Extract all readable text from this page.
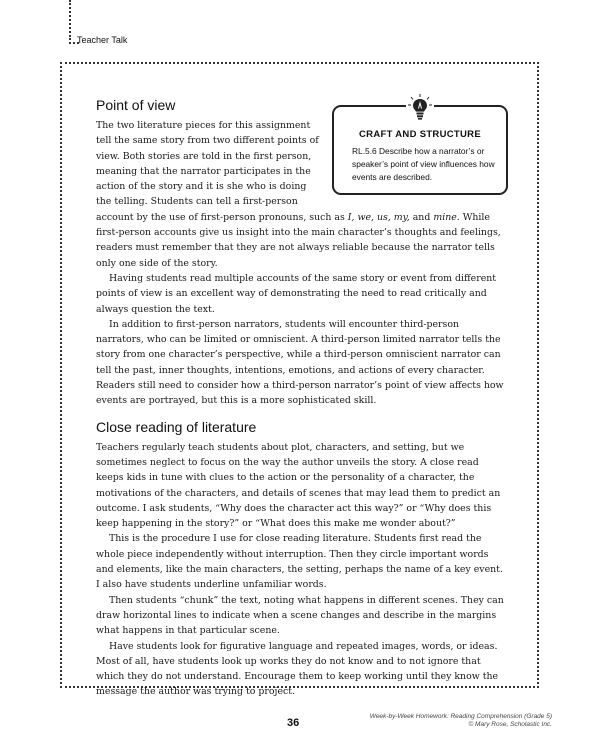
Teacher Talk
CRAFT AND STRUCTURE
RL.5.6 Describe how a narrator’s or speaker’s point of view influences how events are described.
Point of view

The two literature pieces for this assignment tell the same story from two different points of view. Both stories are told in the first person, meaning that the narrator participates in the action of the story and it is she who is doing the telling. Students can tell a first-person account by the use of first-person pronouns, such as I, we, us, my, and mine. While first-person accounts give us insight into the main character’s thoughts and feelings, readers must remember that they are not always reliable because the narrator tells only one side of the story.

Having students read multiple accounts of the same story or event from different points of view is an excellent way of demonstrating the need to read critically and always question the text.

In addition to first-person narrators, students will encounter third-person narrators, who can be limited or omniscient. A third-person limited narrator tells the story from one character’s perspective, while a third-person omniscient narrator can tell the past, inner thoughts, intentions, emotions, and actions of every character. Readers still need to consider how a third-person narrator’s point of view affects how events are portrayed, but this is a more sophisticated skill.

Close reading of literature

Teachers regularly teach students about plot, characters, and setting, but we sometimes neglect to focus on the way the author unveils the story. A close read keeps kids in tune with clues to the action or the personality of a character, the motivations of the characters, and details of scenes that may lead them to predict an outcome. I ask students, “Why does the character act this way?” or “Why does this keep happening in the story?” or “What does this make me wonder about?”

This is the procedure I use for close reading literature. Students first read the whole piece independently without interruption. Then they circle important words and elements, like the main characters, the setting, perhaps the name of a key event. I also have students underline unfamiliar words.

Then students “chunk” the text, noting what happens in different scenes. They can draw horizontal lines to indicate when a scene changes and describe in the margins what happens in that particular scene.

Have students look for figurative language and repeated images, words, or ideas. Most of all, have students look up works they do not know and to not ignore that which they do not understand. Encourage them to keep working until they know the message the author was trying to project.

36
Week-by-Week Homework: Reading Comprehension (Grade 5)
© Mary Rose, Scholastic Inc.
